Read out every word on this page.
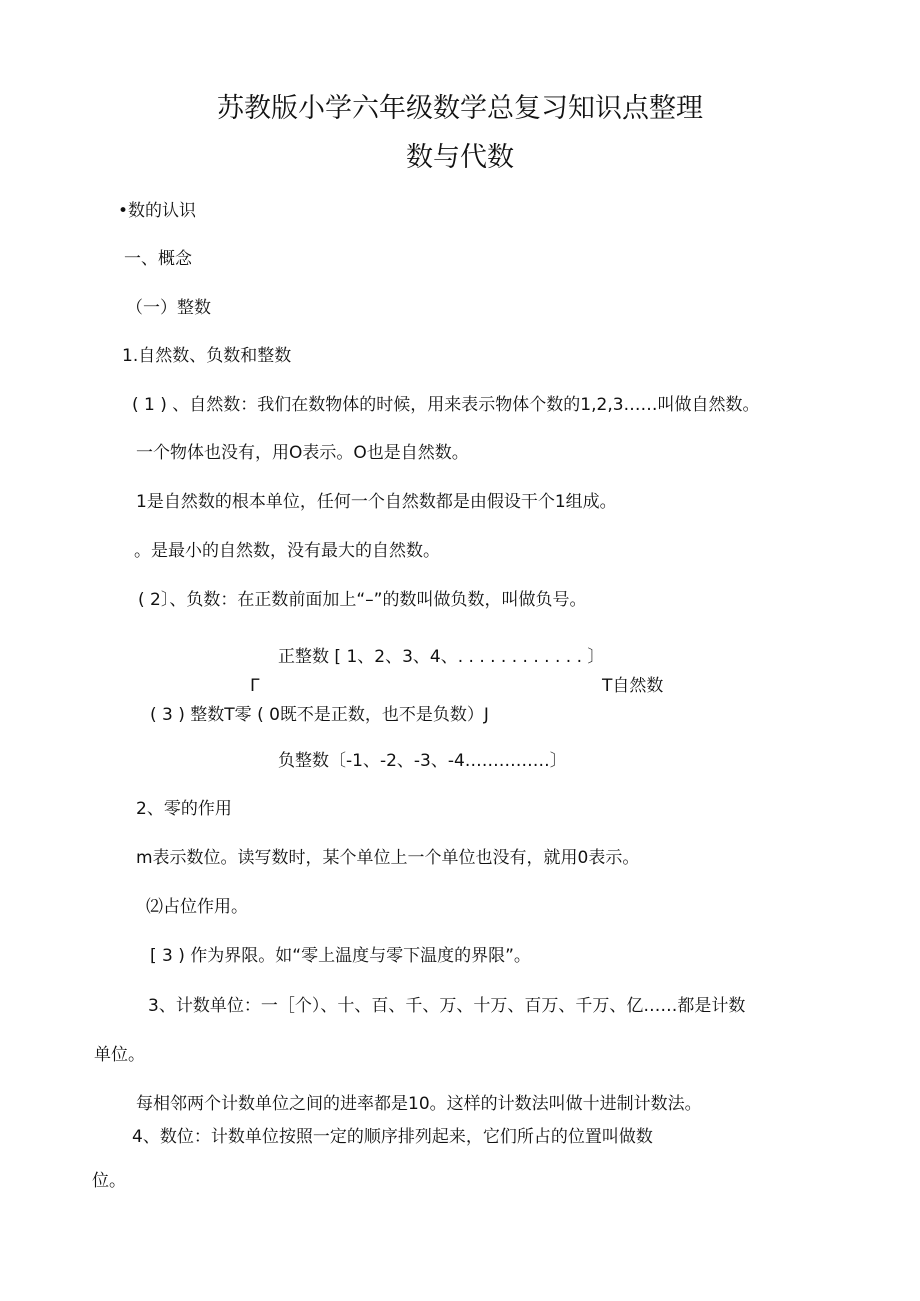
苏教版小学六年级数学总复习知识点整理
数与代数
•数的认识
一、概念
（一）整数
1.自然数、负数和整数
( 1 ) 、自然数：我们在数物体的时候，用来表示物体个数的1,2,3……叫做自然数。
一个物体也没有，用O表示。O也是自然数。
1是自然数的根本单位，任何一个自然数都是由假设干个1组成。
。是最小的自然数，没有最大的自然数。
( 2〕、负数：在正数前面加上“–”的数叫做负数，叫做负号。
正整数 [ 1、2、3、4、. . . . . . . . . . . . 〕
Γ	T自然数
( 3 ) 整数T零 ( 0既不是正数，也不是负数）J
负整数〔-1、-2、-3、-4……………〕
2、零的作用
m表示数位。读写数时，某个单位上一个单位也没有，就用0表示。
⑵占位作用。
[ 3 ) 作为界限。如“零上温度与零下温度的界限”。
3、计数单位：一［个）、十、百、千、万、十万、百万、千万、亿……都是计数
单位。
每相邻两个计数单位之间的进率都是10。这样的计数法叫做十进制计数法。
4、数位：计数单位按照一定的顺序排列起来，它们所占的位置叫做数
位。
